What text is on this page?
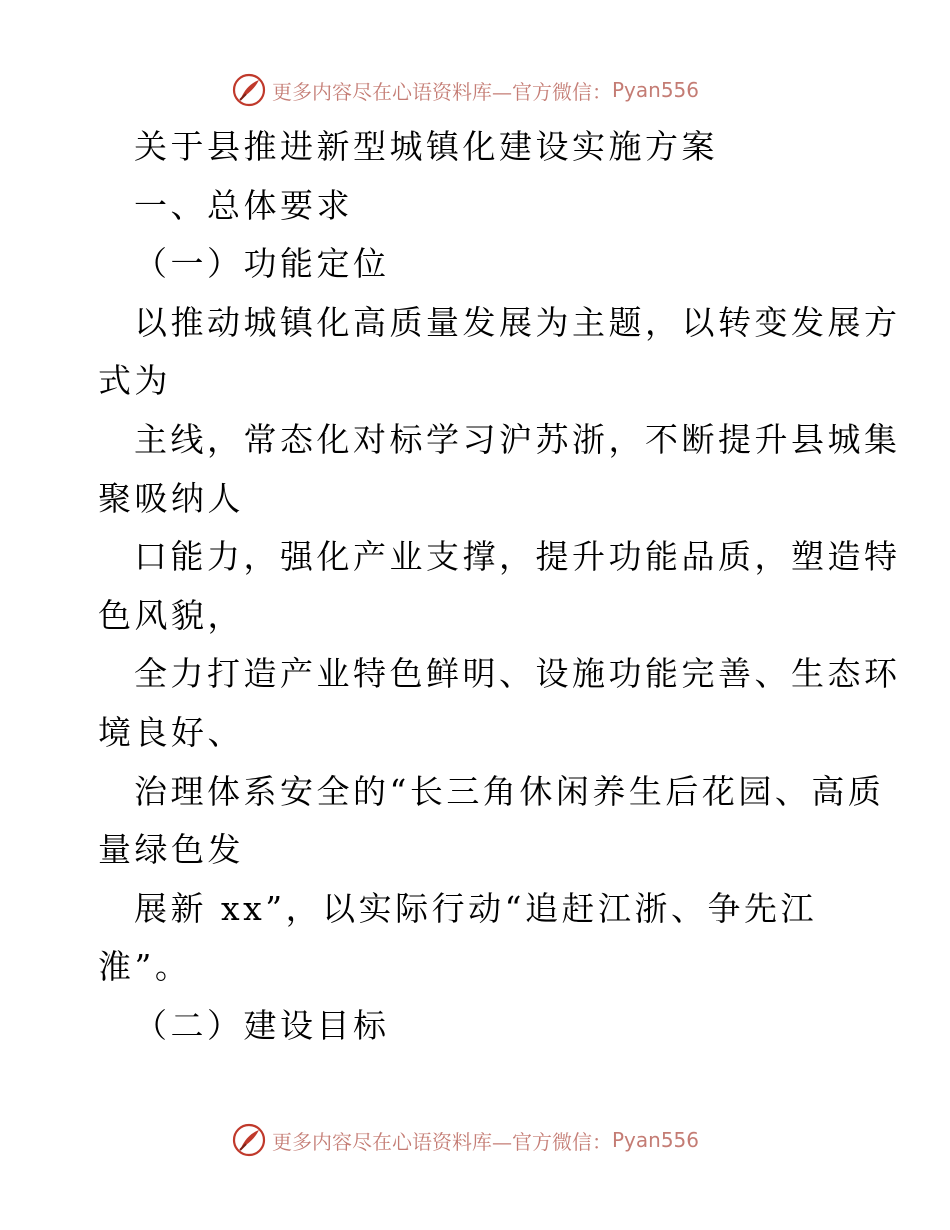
更多内容尽在心语资料库—官方微信： Pyan556
关于县推进新型城镇化建设实施方案
一、总体要求
（一）功能定位
以推动城镇化高质量发展为主题，以转变发展方
式为
主线，常态化对标学习沪苏浙，不断提升县城集
聚吸纳人
口能力，强化产业支撑，提升功能品质，塑造特
色风貌，
全力打造产业特色鲜明、设施功能完善、生态环
境良好、
治理体系安全的“长三角休闲养生后花园、高质
量绿色发
展新 xx”，以实际行动“追赶江浙、争先江
淮”。
（二）建设目标
更多内容尽在心语资料库—官方微信： Pyan556
